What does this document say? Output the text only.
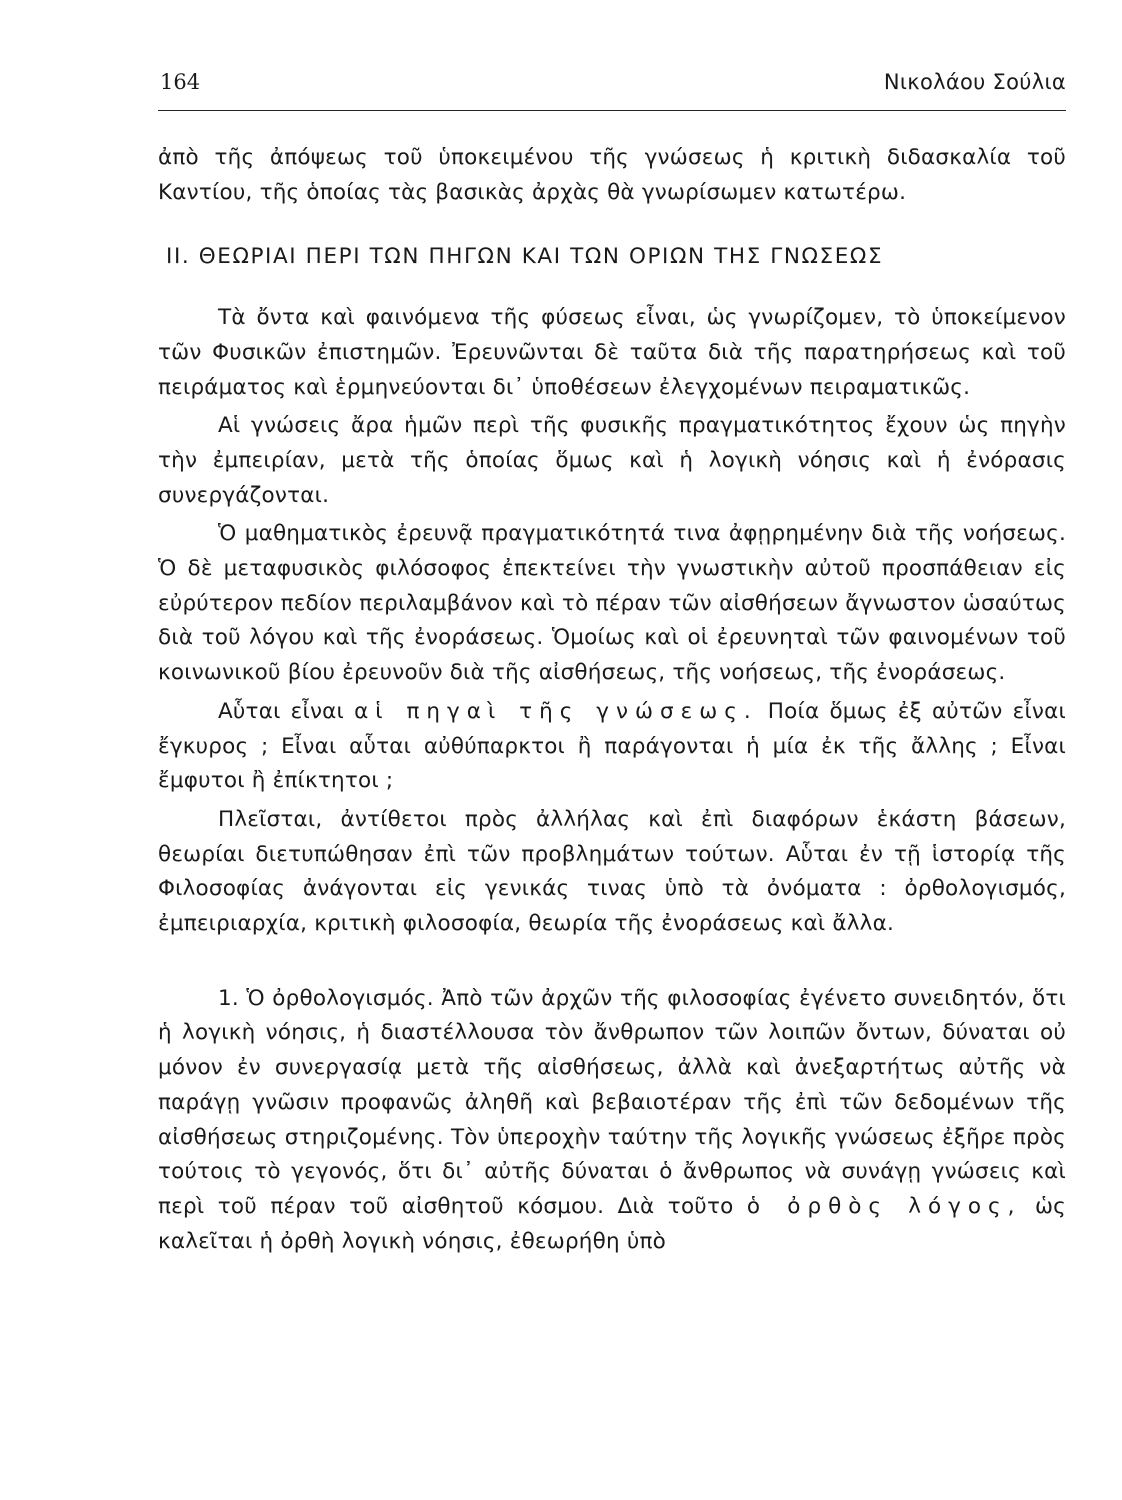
164	Νικολάου Σούλια

ἀπὸ τῆς ἀπόψεως τοῦ ὑποκειμένου τῆς γνώσεως ἡ κριτικὴ διδασκαλία τοῦ Καντίου, τῆς ὁποίας τὰς βασικὰς ἀρχὰς θὰ γνωρίσωμεν κατωτέρω.

ΙΙ. ΘΕΩΡΙΑΙ ΠΕΡΙ ΤΩΝ ΠΗΓΩΝ ΚΑΙ ΤΩΝ ΟΡΙΩΝ ΤΗΣ ΓΝΩΣΕΩΣ

Τὰ ὄντα καὶ φαινόμενα τῆς φύσεως εἶναι, ὡς γνωρίζομεν, τὸ ὑποκείμενον τῶν Φυσικῶν ἐπιστημῶν. Ἐρευνῶνται δὲ ταῦτα διὰ τῆς παρατηρήσεως καὶ τοῦ πειράματος καὶ ἑρμηνεύονται δι᾿ ὑποθέσεων ἐλεγχομένων πειραματικῶς.

Αἱ γνώσεις ἄρα ἡμῶν περὶ τῆς φυσικῆς πραγματικότητος ἔχουν ὡς πηγὴν τὴν ἐμπειρίαν, μετὰ τῆς ὁποίας ὅμως καὶ ἡ λογικὴ νόησις καὶ ἡ ἐνόρασις συνεργάζονται.

Ὁ μαθηματικὸς ἐρευνᾷ πραγματικότητά τινα ἀφῃρημένην διὰ τῆς νοήσεως. Ὁ δὲ μεταφυσικὸς φιλόσοφος ἐπεκτείνει τὴν γνωστικὴν αὐτοῦ προσπάθειαν εἰς εὐρύτερον πεδίον περιλαμβάνον καὶ τὸ πέραν τῶν αἰσθήσεων ἄγνωστον ὡσαύτως διὰ τοῦ λόγου καὶ τῆς ἐνοράσεως. Ὁμοίως καὶ οἱ ἐρευνηταὶ τῶν φαινομένων τοῦ κοινωνικοῦ βίου ἐρευνοῦν διὰ τῆς αἰσθήσεως, τῆς νοήσεως, τῆς ἐνοράσεως.

Αὗται εἶναι αἱ πηγαὶ τῆς γνώσεως. Ποία ὅμως ἐξ αὐτῶν εἶναι ἔγκυρος ; Εἶναι αὗται αὐθύπαρκτοι ἢ παράγονται ἡ μία ἐκ τῆς ἄλλης ; Εἶναι ἔμφυτοι ἢ ἐπίκτητοι ;

Πλεῖσται, ἀντίθετοι πρὸς ἀλλήλας καὶ ἐπὶ διαφόρων ἑκάστη βάσεων, θεωρίαι διετυπώθησαν ἐπὶ τῶν προβλημάτων τούτων. Αὗται ἐν τῇ ἱστορίᾳ τῆς Φιλοσοφίας ἀνάγονται εἰς γενικάς τινας ὑπὸ τὰ ὀνόματα : ὀρθολογισμός, ἐμπειριαρχία, κριτικὴ φιλοσοφία, θεωρία τῆς ἐνοράσεως καὶ ἄλλα.

1. Ὁ ὀρθολογισμός. Ἀπὸ τῶν ἀρχῶν τῆς φιλοσοφίας ἐγένετο συνειδητόν, ὅτι ἡ λογικὴ νόησις, ἡ διαστέλλουσα τὸν ἄνθρωπον τῶν λοιπῶν ὄντων, δύναται οὐ μόνον ἐν συνεργασίᾳ μετὰ τῆς αἰσθήσεως, ἀλλὰ καὶ ἀνεξαρτήτως αὐτῆς νὰ παράγῃ γνῶσιν προφανῶς ἀληθῆ καὶ βεβαιοτέραν τῆς ἐπὶ τῶν δεδομένων τῆς αἰσθήσεως στηριζομένης. Τὸν ὑπεροχὴν ταύτην τῆς λογικῆς γνώσεως ἐξῆρε πρὸς τούτοις τὸ γεγονός, ὅτι δι᾿ αὐτῆς δύναται ὁ ἄνθρωπος νὰ συνάγῃ γνώσεις καὶ περὶ τοῦ πέραν τοῦ αἰσθητοῦ κόσμου. Διὰ τοῦτο ὁ ὀρθὸς λόγος, ὡς καλεῖται ἡ ὀρθὴ λογικὴ νόησις, ἐθεωρήθη ὑπὸ
